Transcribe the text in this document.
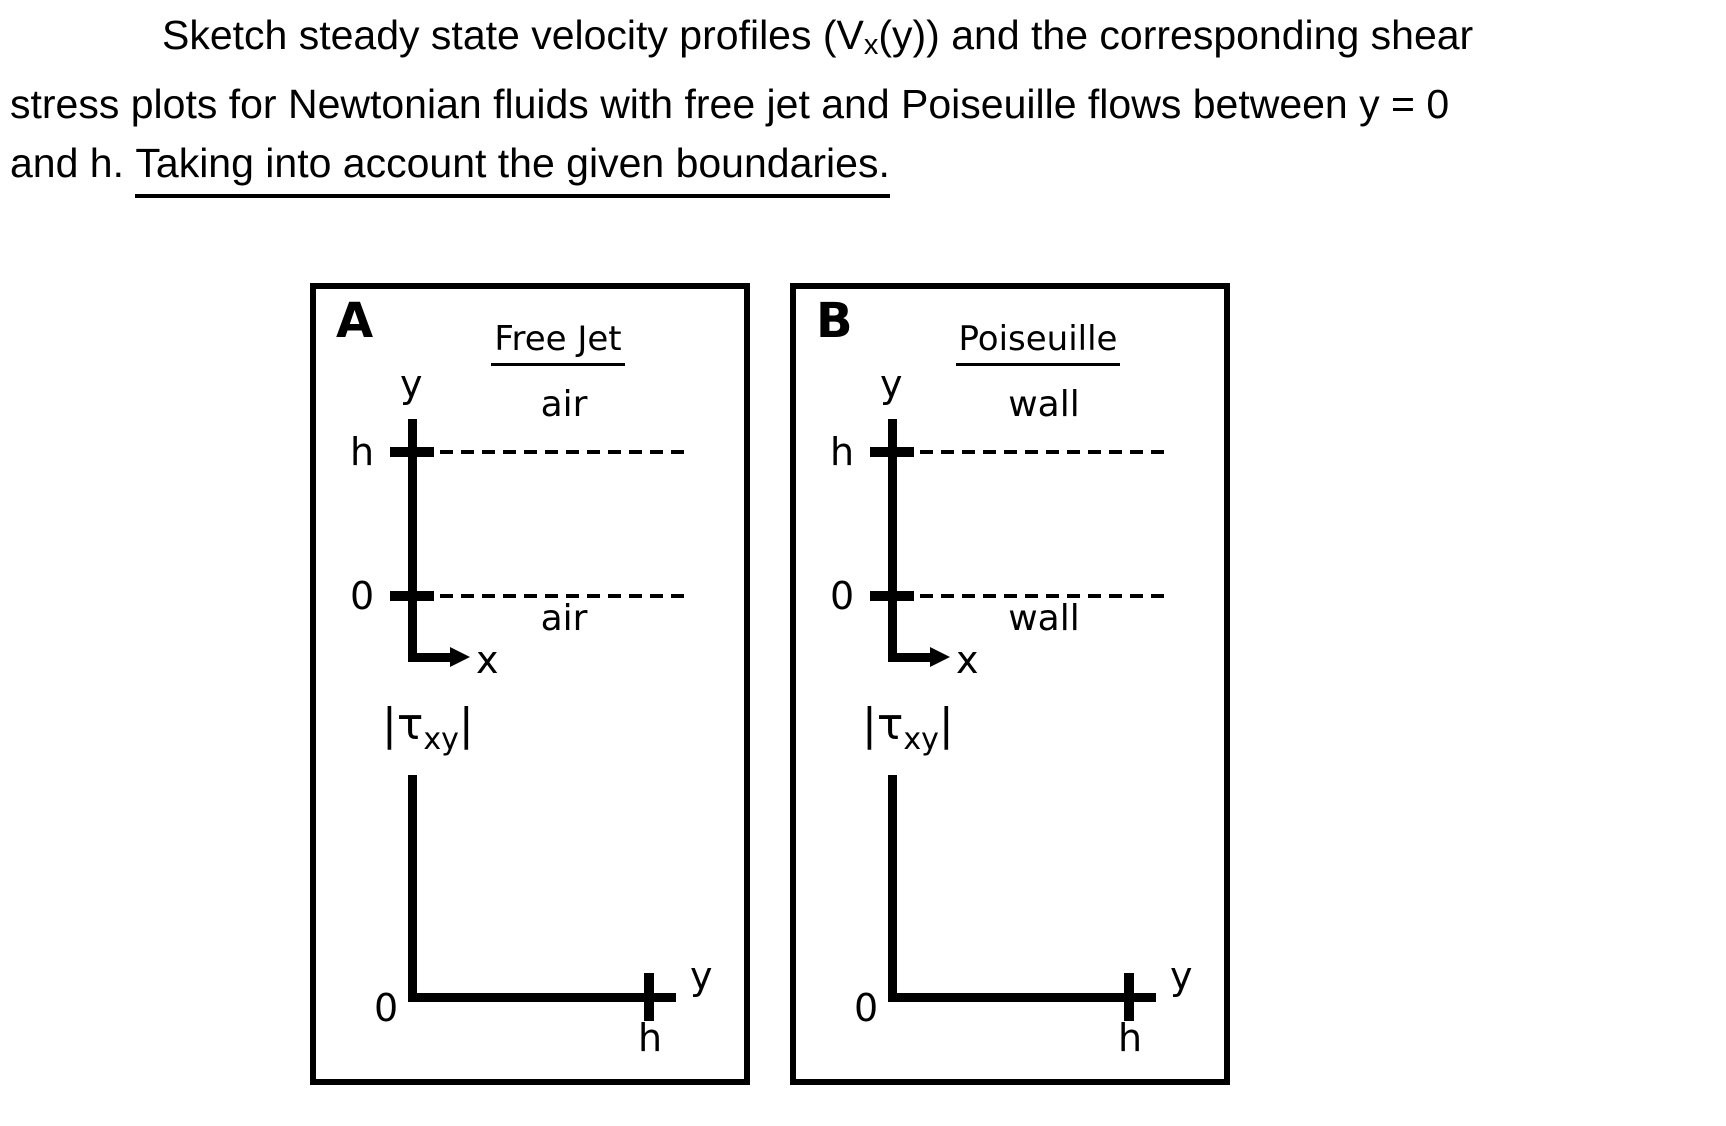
Sketch steady state velocity profiles (Vx(y)) and the corresponding shear
stress plots for Newtonian fluids with free jet and Poiseuille flows between y = 0
and h. Taking into account the given boundaries.
A	Free Jet
y
h
0
air
air
x
$|\tau_{xy}|$
y
0
h
B	Poiseuille
y
h
0
wall
wall
x
$|\tau_{xy}|$
y
0
h
